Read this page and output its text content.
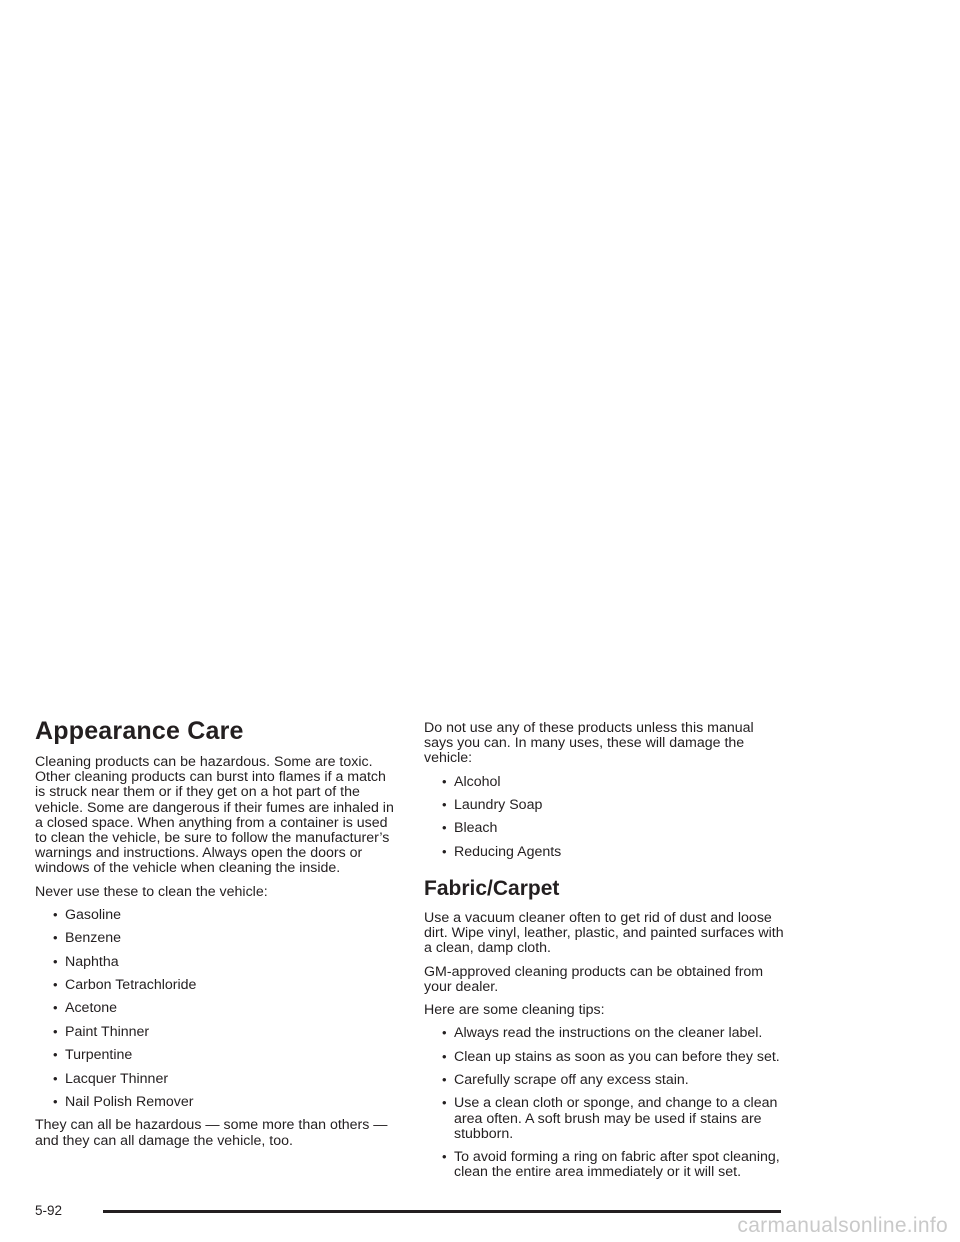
Appearance Care

Cleaning products can be hazardous. Some are toxic. Other cleaning products can burst into flames if a match is struck near them or if they get on a hot part of the vehicle. Some are dangerous if their fumes are inhaled in a closed space. When anything from a container is used to clean the vehicle, be sure to follow the manufacturer’s warnings and instructions. Always open the doors or windows of the vehicle when cleaning the inside.

Never use these to clean the vehicle:

• Gasoline
• Benzene
• Naphtha
• Carbon Tetrachloride
• Acetone
• Paint Thinner
• Turpentine
• Lacquer Thinner
• Nail Polish Remover

They can all be hazardous — some more than others — and they can all damage the vehicle, too.

Do not use any of these products unless this manual says you can. In many uses, these will damage the vehicle:

• Alcohol
• Laundry Soap
• Bleach
• Reducing Agents
Fabric/Carpet

Use a vacuum cleaner often to get rid of dust and loose dirt. Wipe vinyl, leather, plastic, and painted surfaces with a clean, damp cloth.

GM-approved cleaning products can be obtained from your dealer.

Here are some cleaning tips:

• Always read the instructions on the cleaner label.
• Clean up stains as soon as you can before they set.
• Carefully scrape off any excess stain.
• Use a clean cloth or sponge, and change to a clean area often. A soft brush may be used if stains are stubborn.
• To avoid forming a ring on fabric after spot cleaning, clean the entire area immediately or it will set.
5-92
carmanualsonline.info
